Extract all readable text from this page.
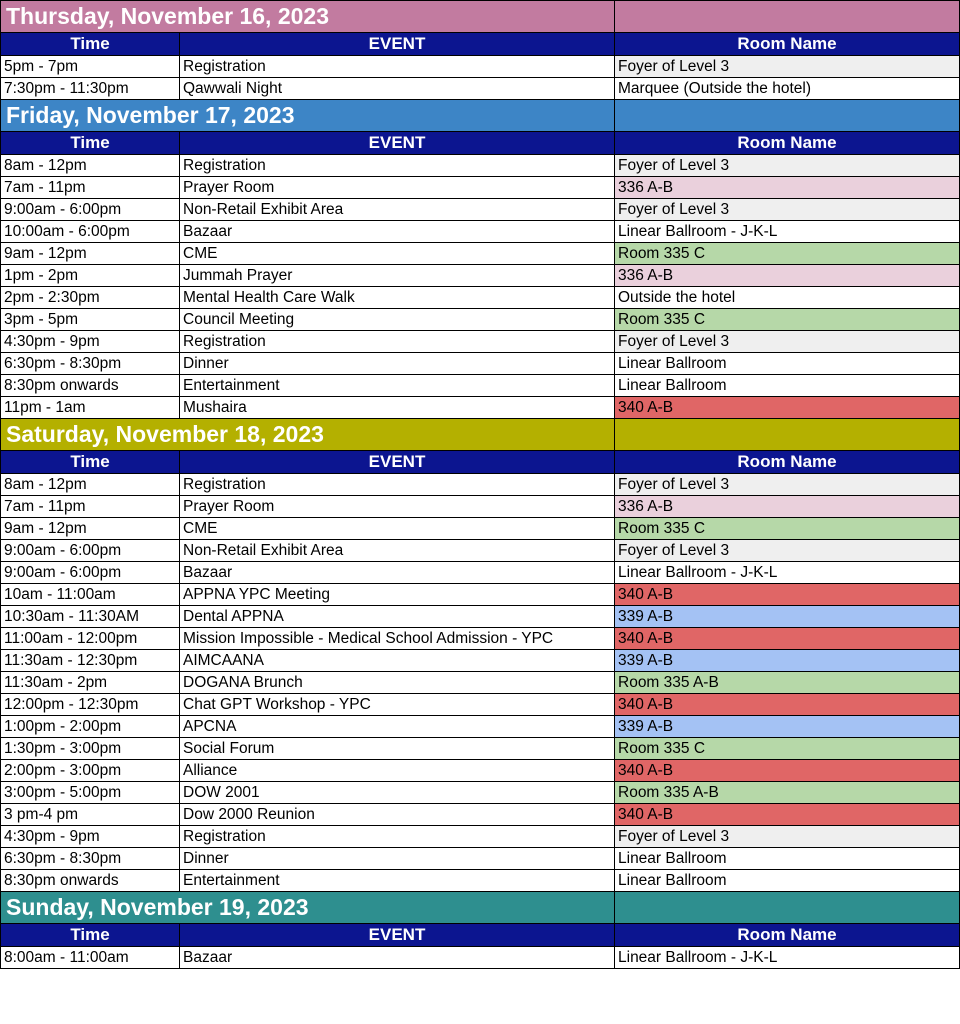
Thursday, November 16, 2023		
Time	EVENT	Room Name
5pm - 7pm	Registration	Foyer of Level 3
7:30pm - 11:30pm	Qawwali Night	Marquee (Outside the hotel)
Friday, November 17, 2023		
Time	EVENT	Room Name
8am - 12pm	Registration	Foyer of Level 3
7am - 11pm	Prayer Room	336 A-B
9:00am - 6:00pm	Non-Retail Exhibit Area	Foyer of Level 3
10:00am - 6:00pm	Bazaar	Linear Ballroom - J-K-L
9am - 12pm	CME	Room 335 C
1pm - 2pm	Jummah Prayer	336 A-B
2pm - 2:30pm	Mental Health Care Walk	Outside the hotel
3pm - 5pm	Council Meeting	Room 335 C
4:30pm - 9pm	Registration	Foyer of Level 3
6:30pm - 8:30pm	Dinner	Linear Ballroom
8:30pm onwards	Entertainment	Linear Ballroom
11pm - 1am	Mushaira	340 A-B
Saturday, November 18, 2023		
Time	EVENT	Room Name
8am - 12pm	Registration	Foyer of Level 3
7am - 11pm	Prayer Room	336 A-B
9am - 12pm	CME	Room 335 C
9:00am - 6:00pm	Non-Retail Exhibit Area	Foyer of Level 3
9:00am - 6:00pm	Bazaar	Linear Ballroom - J-K-L
10am - 11:00am	APPNA YPC Meeting	340 A-B
10:30am - 11:30AM	Dental APPNA	339 A-B
11:00am - 12:00pm	Mission Impossible - Medical School Admission - YPC	340 A-B
11:30am - 12:30pm	AIMCAANA	339 A-B
11:30am - 2pm	DOGANA Brunch	Room 335 A-B
12:00pm - 12:30pm	Chat GPT Workshop - YPC	340 A-B
1:00pm - 2:00pm	APCNA	339 A-B
1:30pm - 3:00pm	Social Forum	Room 335 C
2:00pm - 3:00pm	Alliance	340 A-B
3:00pm - 5:00pm	DOW 2001	Room 335 A-B
3 pm-4 pm	Dow 2000 Reunion	340 A-B
4:30pm - 9pm	Registration	Foyer of Level 3
6:30pm - 8:30pm	Dinner	Linear Ballroom
8:30pm onwards	Entertainment	Linear Ballroom
Sunday, November 19, 2023		
Time	EVENT	Room Name
8:00am - 11:00am	Bazaar	Linear Ballroom - J-K-L
